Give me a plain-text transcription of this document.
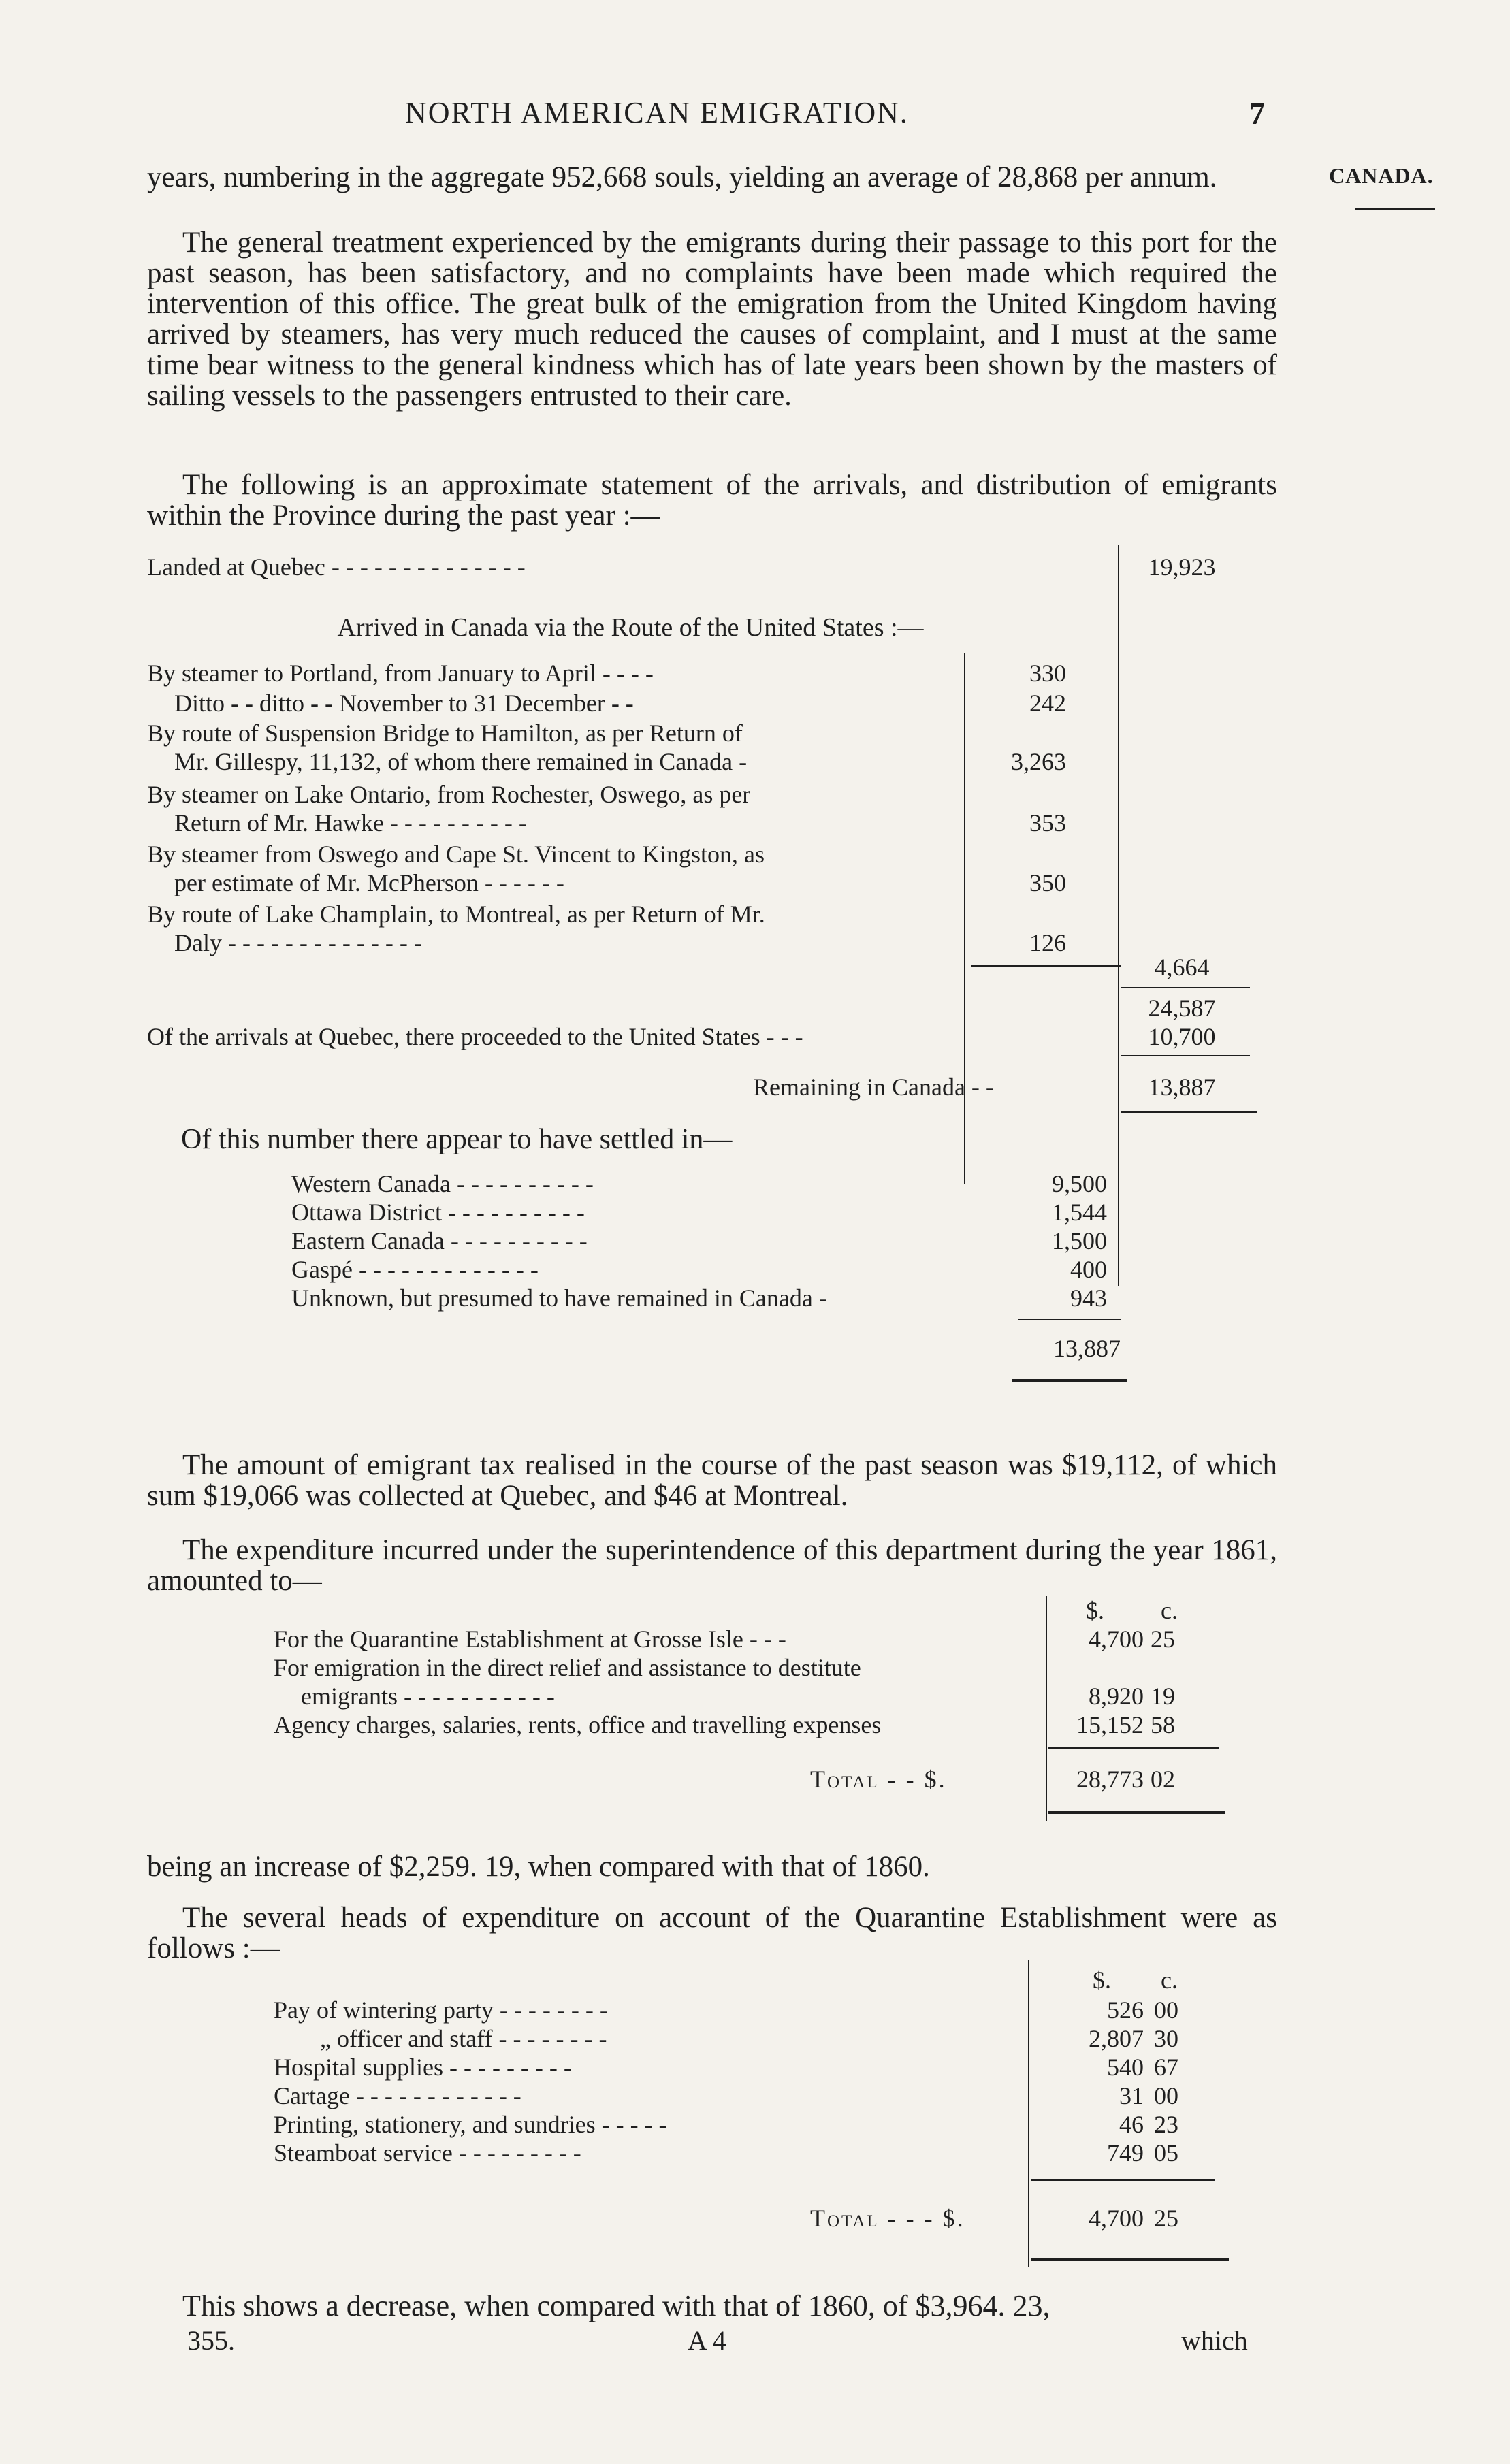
NORTH AMERICAN EMIGRATION.	7
CANADA.
years, numbering in the aggregate 952,668 souls, yielding an average of 28,868 per annum.
The general treatment experienced by the emigrants during their passage to this port for the past season, has been satisfactory, and no complaints have been made which required the intervention of this office. The great bulk of the emigration from the United Kingdom having arrived by steamers, has very much reduced the causes of complaint, and I must at the same time bear witness to the general kindness which has of late years been shown by the masters of sailing vessels to the passengers entrusted to their care.
The following is an approximate statement of the arrivals, and distribution of emigrants within the Province during the past year :—
Landed at Quebec - - - - - - - - - - - - - -	19,923
Arrived in Canada via the Route of the United States :—
By steamer to Portland, from January to April - - - -	330
Ditto - - ditto - - November to 31 December - -	242
By route of Suspension Bridge to Hamilton, as per Return of
Mr. Gillespy, 11,132, of whom there remained in Canada -	3,263
By steamer on Lake Ontario, from Rochester, Oswego, as per
Return of Mr. Hawke - - - - - - - - - -	353
By steamer from Oswego and Cape St. Vincent to Kingston, as
per estimate of Mr. McPherson - - - - - -	350
By route of Lake Champlain, to Montreal, as per Return of Mr.
Daly - - - - - - - - - - - - - -	126
4,664
24,587
Of the arrivals at Quebec, there proceeded to the United States - - -	10,700
Remaining in Canada - -	13,887
Of this number there appear to have settled in—
Western Canada - - - - - - - - - -	9,500
Ottawa District - - - - - - - - - -	1,544
Eastern Canada - - - - - - - - - -	1,500
Gaspé - - - - - - - - - - - - -	400
Unknown, but presumed to have remained in Canada -	943
13,887
The amount of emigrant tax realised in the course of the past season was $19,112, of which sum $19,066 was collected at Quebec, and $46 at Montreal.
The expenditure incurred under the superintendence of this department during the year 1861, amounted to—
$. c.
For the Quarantine Establishment at Grosse Isle - - -	4,700 25
For emigration in the direct relief and assistance to destitute
emigrants - - - - - - - - - - -	8,920 19
Agency charges, salaries, rents, office and travelling expenses	15,152 58
Total - - $.	28,773 02
being an increase of $2,259. 19, when compared with that of 1860.
The several heads of expenditure on account of the Quarantine Establishment were as follows :—
$. c.
Pay of wintering party - - - - - - - -	526 00
„ officer and staff - - - - - - - -	2,807 30
Hospital supplies - - - - - - - - -	540 67
Cartage - - - - - - - - - - - -	31 00
Printing, stationery, and sundries - - - - -	46 23
Steamboat service - - - - - - - - -	749 05
Total - - - $.	4,700 25
This shows a decrease, when compared with that of 1860, of $3,964. 23,
355.	A 4	which
